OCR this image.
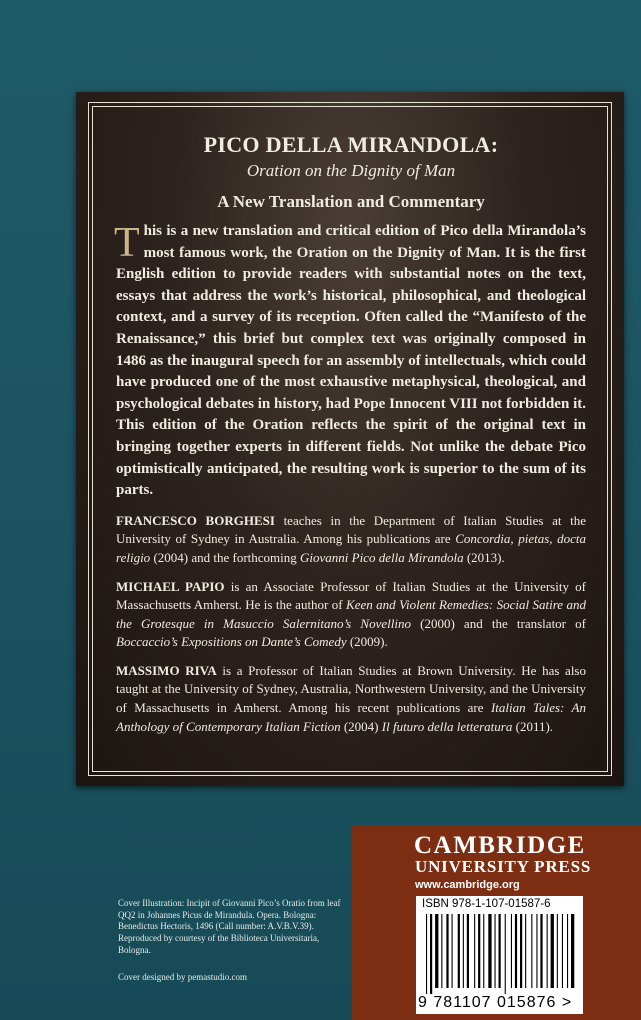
PICO DELLA MIRANDOLA:
Oration on the Dignity of Man
A New Translation and Commentary

This is a new translation and critical edition of Pico della Mirandola’s most famous work, the Oration on the Dignity of Man. It is the first English edition to provide readers with substantial notes on the text, essays that address the work’s historical, philosophical, and theological context, and a survey of its reception. Often called the “Manifesto of the Renaissance,” this brief but complex text was originally composed in 1486 as the inaugural speech for an assembly of intellectuals, which could have produced one of the most exhaustive metaphysical, theological, and psychological debates in history, had Pope Innocent VIII not forbidden it. This edition of the Oration reflects the spirit of the original text in bringing together experts in different fields. Not unlike the debate Pico optimistically anticipated, the resulting work is superior to the sum of its parts.

FRANCESCO BORGHESI teaches in the Department of Italian Studies at the University of Sydney in Australia. Among his publications are Concordia, pietas, docta religio (2004) and the forthcoming Giovanni Pico della Mirandola (2013).

MICHAEL PAPIO is an Associate Professor of Italian Studies at the University of Massachusetts Amherst. He is the author of Keen and Violent Remedies: Social Satire and the Grotesque in Masuccio Salernitano’s Novellino (2000) and the translator of Boccaccio’s Expositions on Dante’s Comedy (2009).

MASSIMO RIVA is a Professor of Italian Studies at Brown University. He has also taught at the University of Sydney, Australia, Northwestern University, and the University of Massachusetts in Amherst. Among his recent publications are Italian Tales: An Anthology of Contemporary Italian Fiction (2004) Il futuro della letteratura (2011).

CAMBRIDGE
UNIVERSITY PRESS
www.cambridge.org
ISBN 978-1-107-01587-6
9 781107 015876 >
Cover Illustration: Incipit of Giovanni Pico’s Oratio from leaf QQ2 in Johannes Picus de Mirandula. Opera. Bologna: Benedictus Hectoris, 1496 (Call number: A.V.B.V.39). Reproduced by courtesy of the Biblioteca Universitaria, Bologna.
Cover designed by pemastudio.com
